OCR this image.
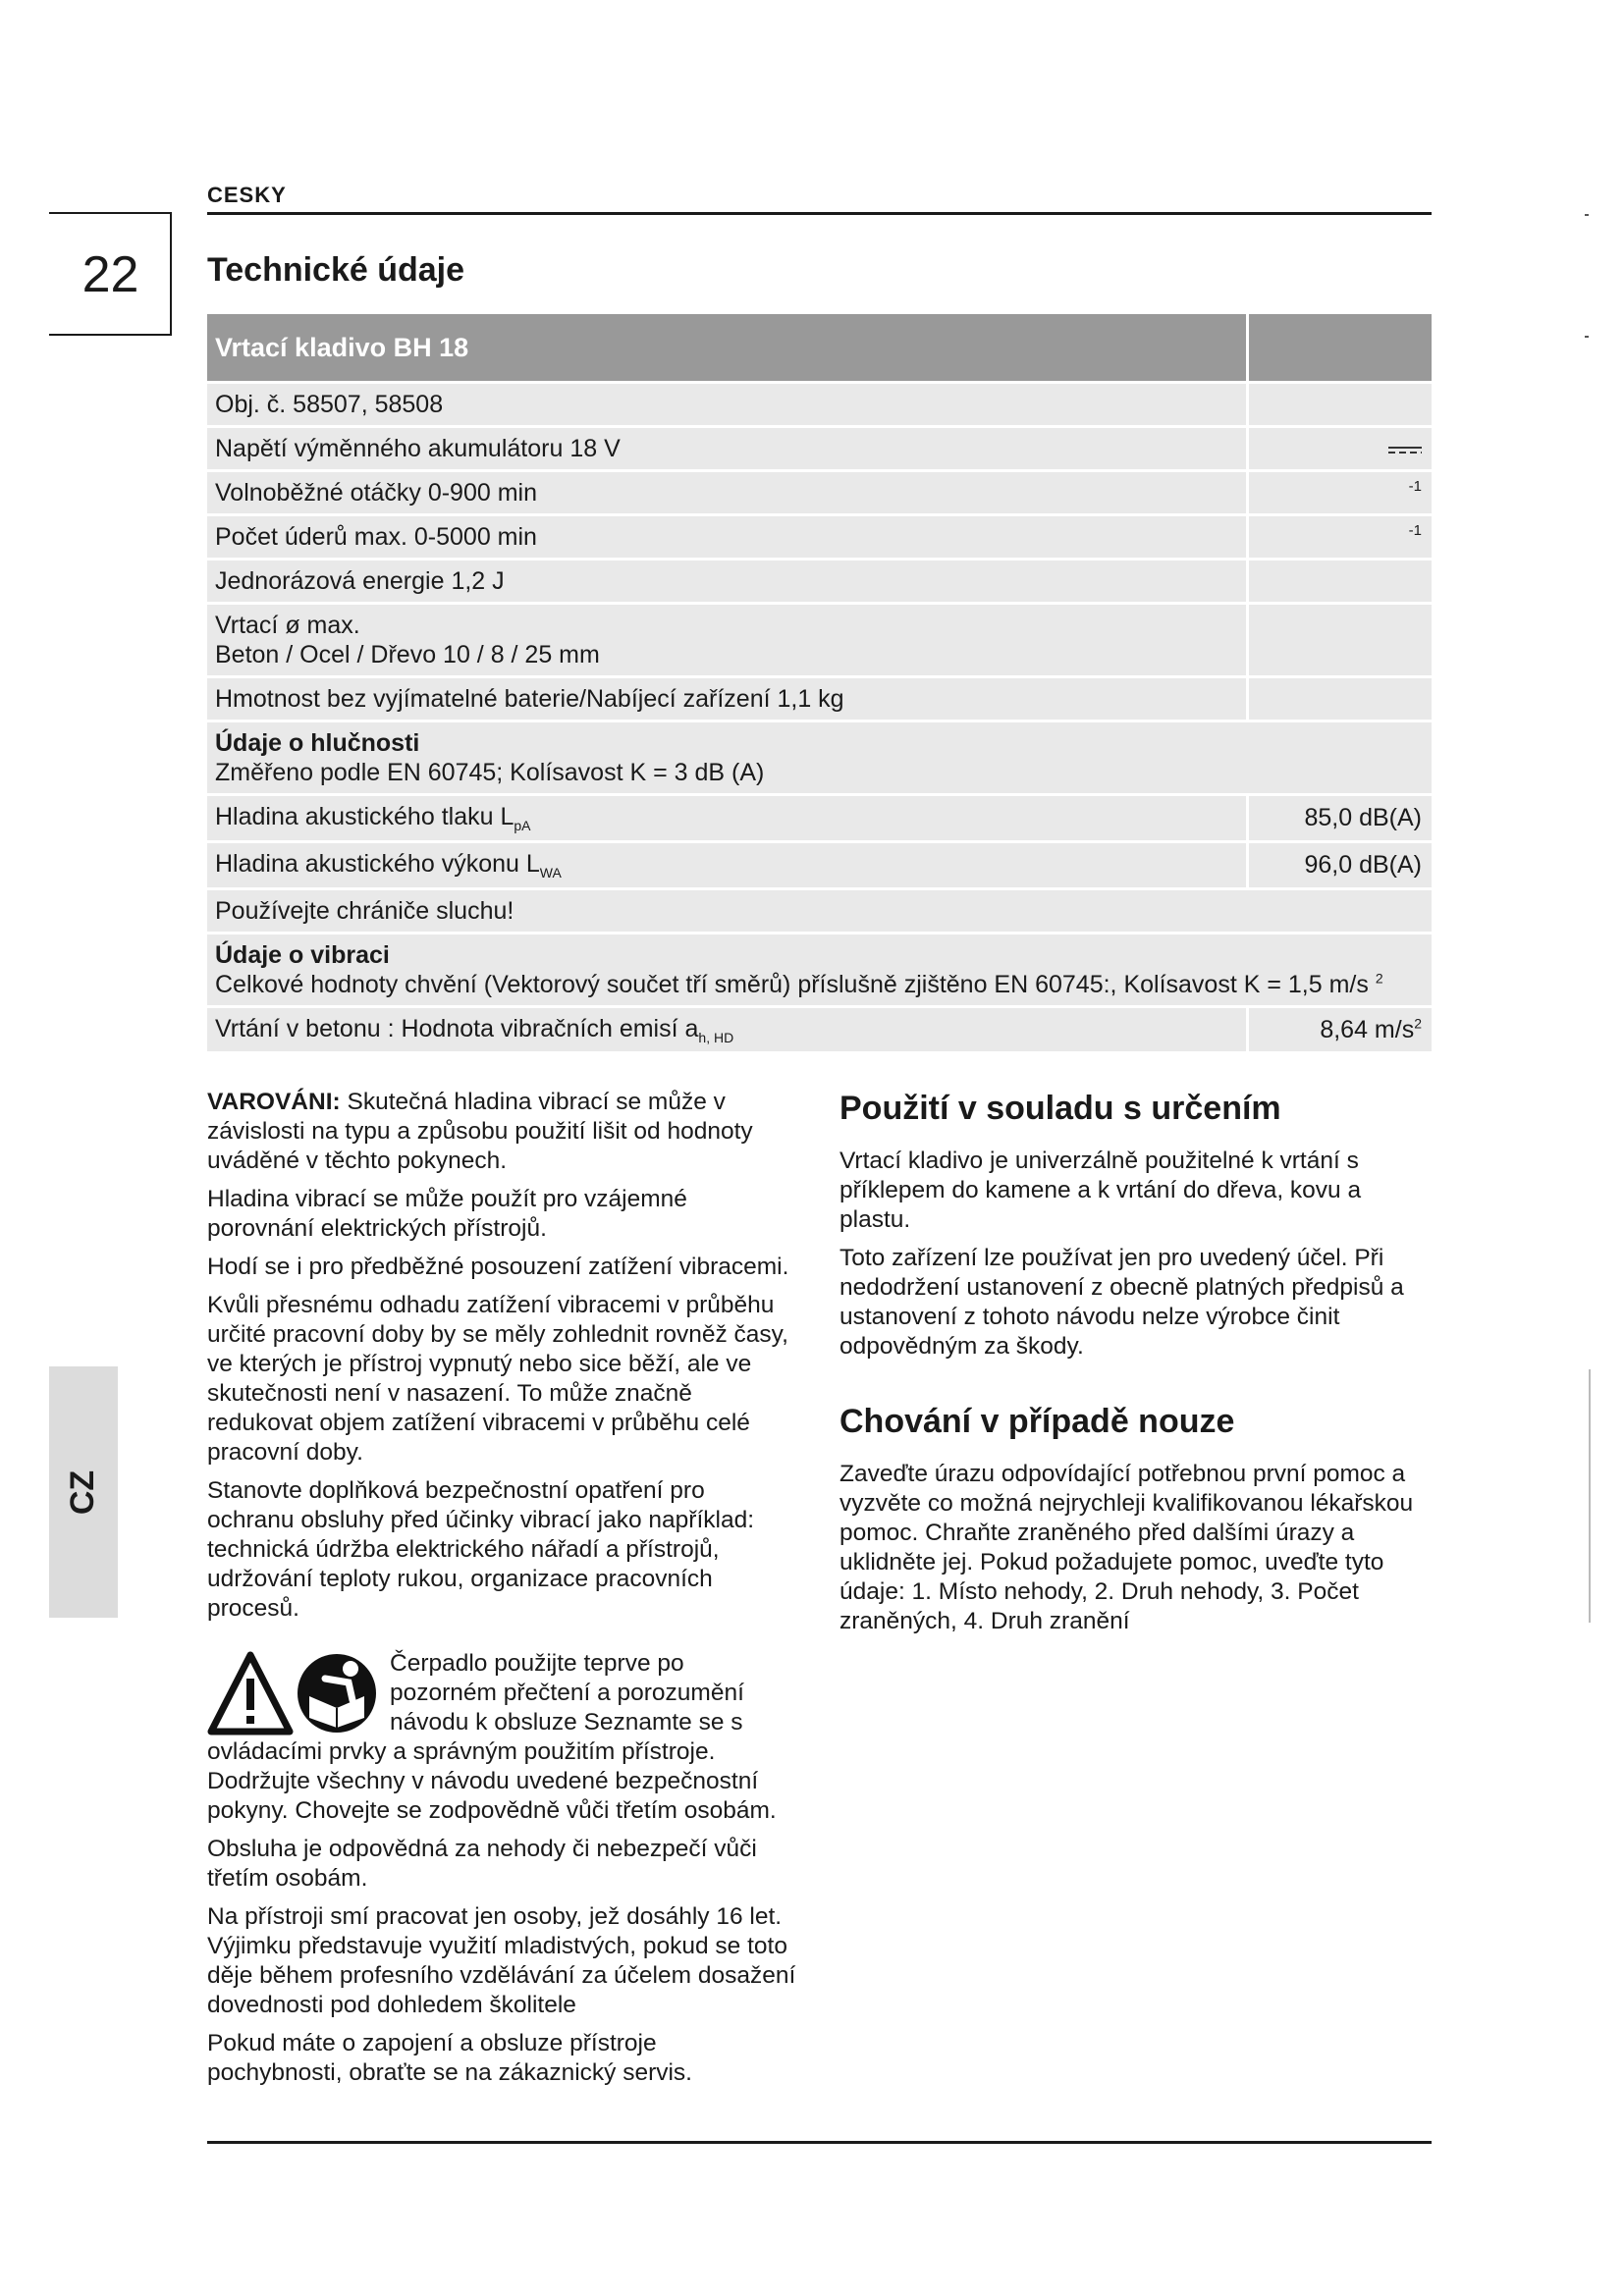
CESKY
22	Technické údaje
Vrtací kladivo BH 18	
Obj. č. 58507, 58508	
Napětí výměnného akumulátoru 18 V	

Volnoběžné otáčky 0-900 min	$^{-1}$
Počet úderů max. 0-5000 min	$^{-1}$
Jednorázová energie 1,2 J	

Vrtací ø max.
Beton / Ocel / Dřevo 10 / 8 / 25 mm	

Hmotnost bez vyjímatelné baterie/Nabíjecí zařízení 1,1 kg	

Údaje o hlučnosti
Změřeno podle EN 60745; Kolísavost K = 3 dB (A)	

Hladina akustického tlaku $L_{pA}$	85,0 dB(A)
Hladina akustického výkonu $L_{WA}$	96,0 dB(A)
Používejte chrániče sluchu!	

Údaje o vibraci
Celkové hodnoty chvění (Vektorový součet tří směrů) příslušně zjištěno EN 60745:, Kolísavost K = 1,5 m/s $^2$

Vrtání v betonu : Hodnota vibračních emisí $a_{h, HD}$	8,64 $m/s^2$

VAROVÁNI: Skutečná hladina vibrací se může v závislosti na typu a způsobu použití lišit od hodnoty uváděné v těchto pokynech.

Hladina vibrací se může použít pro vzájemné porovnání elektrických přístrojů.

Hodí se i pro předběžné posouzení zatížení vibracemi.

Kvůli přesnému odhadu zatížení vibracemi v průběhu určité pracovní doby by se měly zohlednit rovněž časy, ve kterých je přístroj vypnutý nebo sice běží, ale ve skutečnosti není v nasazení. To může značně redukovat objem zatížení vibracemi v průběhu celé pracovní doby.

Stanovte doplňková bezpečnostní opatření pro ochranu obsluhy před účinky vibrací jako například: technická údržba elektrického nářadí a přístrojů, udržování teploty rukou, organizace pracovních procesů.

Čerpadlo použijte teprve po pozorném přečtení a porozumění návodu k obsluze Seznamte se s ovládacími prvky a správným použitím přístroje. Dodržujte všechny v návodu uvedené bezpečnostní pokyny. Chovejte se zodpovědně vůči třetím osobám.

Obsluha je odpovědná za nehody či nebezpečí vůči třetím osobám.

Na přístroji smí pracovat jen osoby, jež dosáhly 16 let. Výjimku představuje využití mladistvých, pokud se toto děje během profesního vzdělávání za účelem dosažení dovednosti pod dohledem školitele

Pokud máte o zapojení a obsluze přístroje pochybnosti, obraťte se na zákaznický servis.

Použití v souladu s určením

Vrtací kladivo je univerzálně použitelné k vrtání s příklepem do kamene a k vrtání do dřeva, kovu a plastu.

Toto zařízení lze používat jen pro uvedený účel. Při nedodržení ustanovení z obecně platných předpisů a ustanovení z tohoto návodu nelze výrobce činit odpovědným za škody.

Chování v případě nouze

Zaveďte úrazu odpovídající potřebnou první pomoc a vyzvěte co možná nejrychleji kvalifikovanou lékařskou pomoc. Chraňte zraněného před dalšími úrazy a uklidněte jej. Pokud požadujete pomoc, uveďte tyto údaje: 1. Místo nehody, 2. Druh nehody, 3. Počet zraněných, 4. Druh zranění

CZ
